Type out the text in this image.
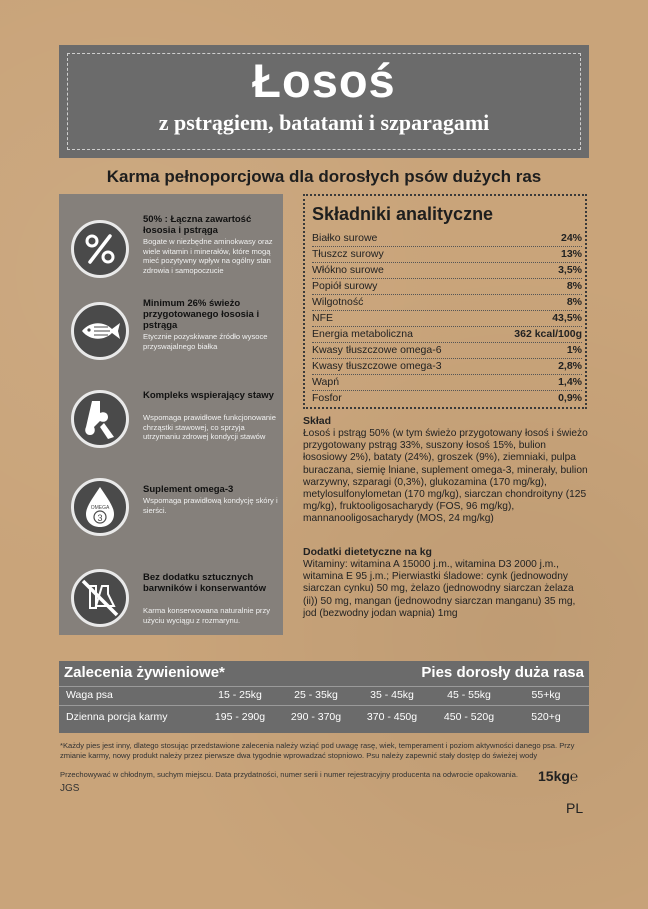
Łosoś
z pstrągiem, batatami i szparagami
Karma pełnoporcjowa dla dorosłych psów dużych ras
50% : Łączna zawartość łososia i pstrąga
Bogate w niezbędne aminokwasy oraz wiele witamin i minerałów, które mogą mieć pozytywny wpływ na ogólny stan zdrowia i samopoczucie
Minimum 26% świeżo przygotowanego łososia i pstrąga
Etycznie pozyskiwane źródło wysoce przyswajalnego białka
Kompleks wspierający stawy
Wspomaga prawidłowe funkcjonowanie chrząstki stawowej, co sprzyja utrzymaniu zdrowej kondycji stawów
OMEGA
3
Suplement omega-3
Wspomaga prawidłową kondycję skóry i sierści.
Bez dodatku sztucznych barwników i konserwantów
Karma konserwowana naturalnie przy użyciu wyciągu z rozmarynu.
Składniki analityczne
Białko surowe	24%
Tłuszcz surowy	13%
Włókno surowe	3,5%
Popiół surowy	8%
Wilgotność	8%
NFE	43,5%
Energia metaboliczna	362 kcal/100g
Kwasy tłuszczowe omega-6	1%
Kwasy tłuszczowe omega-3	2,8%
Wapń	1,4%
Fosfor	0,9%
Skład
Łosoś i pstrąg 50% (w tym świeżo przygotowany łosoś i świeżo przygotowany pstrąg 33%, suszony łosoś 15%, bulion łososiowy 2%), bataty (24%), groszek (9%), ziemniaki, pulpa buraczana, siemię lniane, suplement omega-3, minerały, bulion warzywny, szparagi (0,3%), glukozamina (170 mg/kg), metylosulfonylometan (170 mg/kg), siarczan chondroityny (125 mg/kg), fruktooligosacharydy (FOS, 96 mg/kg), mannanooligosacharydy (MOS, 24 mg/kg)
Dodatki dietetyczne na kg
Witaminy: witamina A 15000 j.m., witamina D3 2000 j.m., witamina E 95 j.m.; Pierwiastki śladowe: cynk (jednowodny siarczan cynku) 50 mg, żelazo (jednowodny siarczan żelaza (ii)) 50 mg, mangan (jednowodny siarczan manganu) 35 mg, jod (bezwodny jodan wapnia) 1mg
Zalecenia żywieniowe*	Pies dorosły duża rasa
Waga psa	15 - 25kg	25 - 35kg	35 - 45kg	45 - 55kg	55+kg
Dzienna porcja karmy	195 - 290g	290 - 370g	370 - 450g	450 - 520g	520+g
*Każdy pies jest inny, dlatego stosując przedstawione zalecenia należy wziąć pod uwagę rasę, wiek, temperament i poziom aktywności danego psa. Przy zmianie karmy, nowy produkt należy przez pierwsze dwa tygodnie wprowadzać stopniowo. Psu należy zapewnić stały dostęp do świeżej wody
Przechowywać w chłodnym, suchym miejscu. Data przydatności, numer serii i numer rejestracyjny producenta na odwrocie opakowania.
JGS
15kg℮
PL
